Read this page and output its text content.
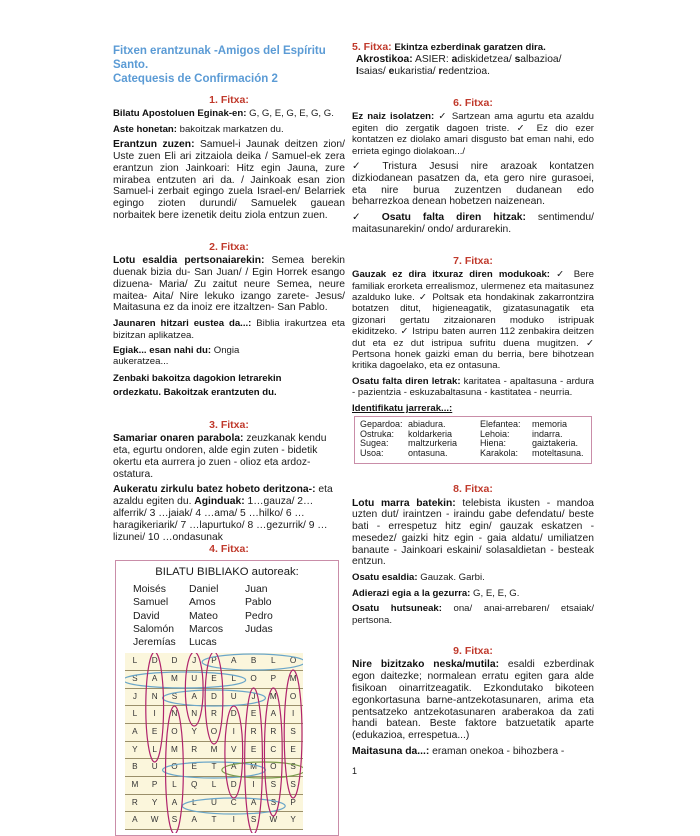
Fitxen erantzunak -Amigos del Espíritu Santo.
Catequesis de Confirmación 2
1. Fitxa:

Bilatu Apostoluen Eginak-en: G, G, E, G, E, G, G.

Aste honetan: bakoitzak markatzen du.

Erantzun zuzen: Samuel-i Jaunak deitzen zion/ Uste zuen Eli ari zitzaiola deika / Samuel-ek zera erantzun zion Jainkoari: Hitz egin Jauna, zure mirabea entzuten ari da. / Jainkoak esan zion Samuel-i zerbait egingo zuela Israel-en/ Belarriek egingo zioten durundi/ Samuelek gauean norbaitek bere izenetik deitu ziola entzun zuen.

2. Fitxa:

Lotu esaldia pertsonaiarekin: Semea berekin duenak bizia du- San Juan/ / Egin Horrek esango dizuena- Maria/ Zu zaitut neure Semea, neure maitea- Aita/ Nire lekuko izango zarete- Jesus/ Maitasuna ez da inoiz ere itzaltzen- San Pablo.

Jaunaren hitzari eustea da...: Biblia irakurtzea eta bizitzan aplikatzea.

Egiak... esan nahi du: Ongia aukeratzea...

Zenbaki bakoitza dagokion letrarekin ordezkatu. Bakoitzak erantzuten du.

3. Fitxa:

Samariar onaren parabola: zeuzkanak kendu eta, egurtu ondoren, alde egin zuten - bidetik okertu eta aurrera jo zuen - olioz eta ardoz- ostatura.

Aukeratu zirkulu batez hobeto deritzona-: eta azaldu egiten du. Aginduak: 1…gauza/ 2…alferrik/ 3 …jaiak/ 4 …ama/ 5 …hilko/ 6 …haragikeriarik/ 7 …lapurtuko/ 8 …gezurrik/ 9 …lizunei/ 10 …ondasunak

4. Fitxa:
BILATU BIBLIAKO autoreak:
Moisés	Daniel	Juan
Samuel	Amos	Pablo
David	Mateo	Pedro
Salomón	Marcos	Judas
Jeremías	Lucas
L	D	D	J	P	A	B	L	O
S	A	M	U	E	L	O	P	M
J	N	S	A	D	U	J	M	O
L	I	N	N	R	D	E	A	I
A	E	O	Y	O	I	R	R	S
Y	L	M	R	M	V	E	C	E
B	U	O	E	T	A	M	O	S
M	P	L	Q	L	D	I	S	S
R	Y	A	L	U	C	A	S	P
A	W	S	A	T	I	S	W	Y

5. Fitxa: Ekintza ezberdinak garatzen dira.

Akrostikoa: ASIER: adiskidetzea/ salbazioa/ Isaias/ eukaristia/ redentzioa.

6. Fitxa:

Ez naiz isolatzen: ✓ Sartzean ama agurtu eta azaldu egiten dio zergatik dagoen triste. ✓ Ez dio ezer kontatzen ez diolako amari disgusto bat eman nahi, edo errieta egingo diolakoan.../

✓ Tristura Jesusi nire arazoak kontatzen dizkiodanean pasatzen da, eta gero nire gurasoei, eta nire burua zuzentzen dudanean edo beharrezkoa denean hobetzen naizenean.

✓ Osatu falta diren hitzak: sentimendu/ maitasunarekin/ ondo/ ardurarekin.

7. Fitxa:

Gauzak ez dira itxuraz diren modukoak: ✓ Bere familiak erorketa errealismoz, ulermenez eta maitasunez azalduko luke. ✓ Poltsak eta hondakinak zakarrontzira botatzen ditut, higieneagatik, gizatasunagatik eta gizonari gertatu zitzaionaren moduko istripuak ekiditzeko. ✓ Istripu baten aurren 112 zenbakira deitzen dut eta ez dut istripua sufritu duena mugitzen. ✓ Pertsona honek gaizki eman du berria, bere bihotzean kritika dagoelako, eta ez ontasuna.

Osatu falta diren letrak: karitatea - apaltasuna - ardura - pazientzia - eskuzabaltasuna - kastitatea - neurria.

Identifikatu jarrerak...:

Gepardoa: abiadura.	Elefantea:	memoria
Ostruka:	koldarkeria	Lehoia:	indarra.
Sugea:	maltzurkeria	Hiena:	gaiztakeria.
Usoa:	ontasuna.	Karakola:	moteltasuna.
8. Fitxa:

Lotu marra batekin: telebista ikusten - mandoa uzten dut/ iraintzen - iraindu gabe defendatu/ beste bati - errespetuz hitz egin/ gauzak eskatzen - mesedez/ gaizki hitz egin - gaia aldatu/ umiliatzen banaute - Jainkoari eskaini/ solasaldietan - besteak entzun.

Osatu esaldia: Gauzak. Garbi.

Adierazi egia a la gezurra: G, E, E, G.

Osatu hutsuneak: ona/ anai-arrebaren/ etsaiak/ pertsona.

9. Fitxa:

Nire bizitzako neska/mutila: esaldi ezberdinak egon daitezke; normalean erratu egiten gara alde fisikoan oinarritzeagatik. Ezkondutako bikoteen egonkortasuna barne-antzekotasunaren, arima eta pentsatzeko antzekotasunaren araberakoa da zati handi batean. Beste faktore batzuetatik aparte (edukazioa, errespetua...)

Maitasuna da...: eraman onekoa - bihozbera -

1
